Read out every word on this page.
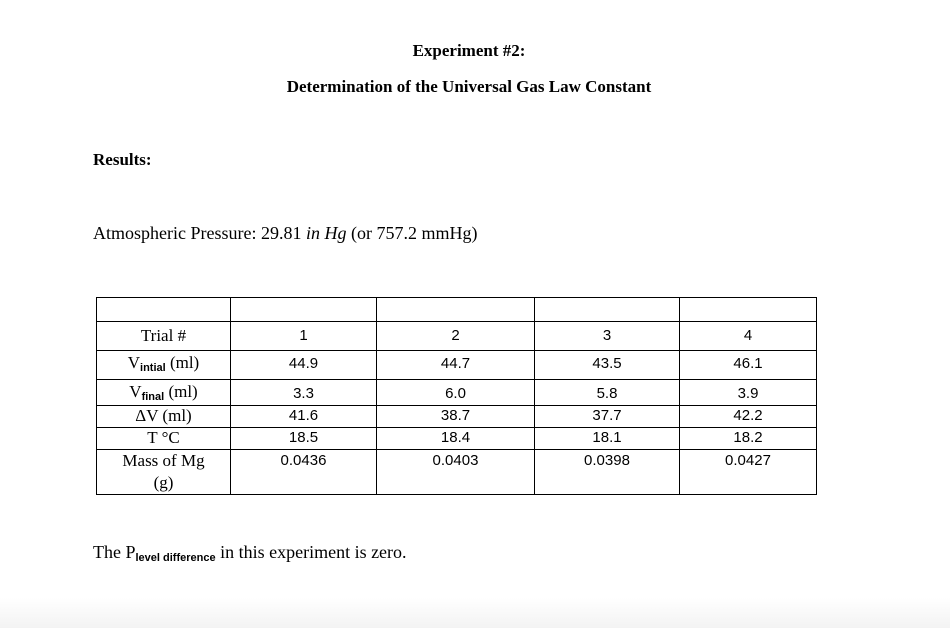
Experiment #2:
Determination of the Universal Gas Law Constant
Results:
Atmospheric Pressure: 29.81 in Hg (or 757.2 mmHg)

Trial #	1	2	3	4
$V_{intial}$ (ml)	44.9	44.7	43.5	46.1
$V_{final}$ (ml)	3.3	6.0	5.8	3.9
ΔV (ml)	41.6	38.7	37.7	42.2
T °C	18.5	18.4	18.1	18.2
Mass of Mg (g)	0.0436	0.0403	0.0398	0.0427
The $P_{level difference}$ in this experiment is zero.
